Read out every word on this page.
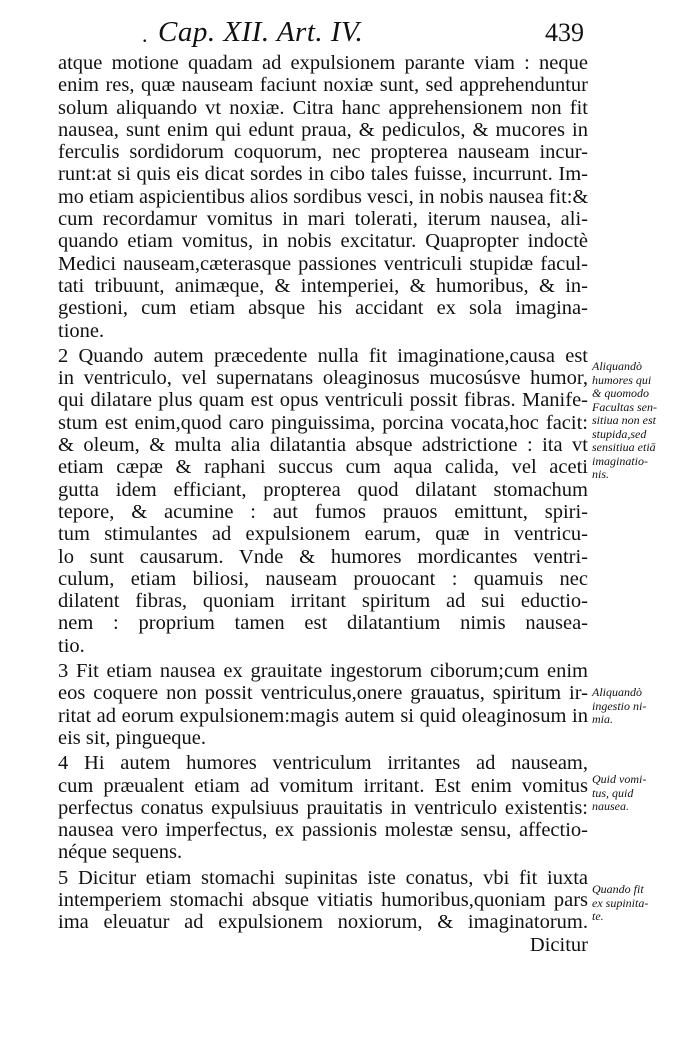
. Cap. XII. Art. IV.	439
atque motione quadam ad expulsionem parante viam : neque
enim res, quæ nauseam faciunt noxiæ sunt, sed apprehenduntur
solum aliquando vt noxiæ. Citra hanc apprehensionem non fit
nausea, sunt enim qui edunt praua, & pediculos, & mucores in
ferculis sordidorum coquorum, nec propterea nauseam incur-
runt:at si quis eis dicat sordes in cibo tales fuisse, incurrunt. Im-
mo etiam aspicientibus alios sordibus vesci, in nobis nausea fit:&
cum recordamur vomitus in mari tolerati, iterum nausea, ali-
quando etiam vomitus, in nobis excitatur. Quapropter indoctè
Medici nauseam,cæterasque passiones ventriculi stupidæ facul-
tati tribuunt, animæque, & intemperiei, & humoribus, & in-
gestioni, cum etiam absque his accidant ex sola imagina-
tione.
2 Quando autem præcedente nulla fit imaginatione,causa est
in ventriculo, vel supernatans oleaginosus mucosúsve humor,
qui dilatare plus quam est opus ventriculi possit fibras. Manife-
stum est enim,quod caro pinguissima, porcina vocata,hoc facit:
& oleum, & multa alia dilatantia absque adstrictione : ita vt
etiam cæpæ & raphani succus cum aqua calida, vel aceti
gutta idem efficiant, propterea quod dilatant stomachum
tepore, & acumine : aut fumos prauos emittunt, spiri-
tum stimulantes ad expulsionem earum, quæ in ventricu-
lo sunt causarum. Vnde & humores mordicantes ventri-
culum, etiam biliosi, nauseam prouocant : quamuis nec
dilatent fibras, quoniam irritant spiritum ad sui eductio-
nem : proprium tamen est dilatantium nimis nausea-
tio.
3 Fit etiam nausea ex grauitate ingestorum ciborum;cum enim
eos coquere non possit ventriculus,onere grauatus, spiritum ir-
ritat ad eorum expulsionem:magis autem si quid oleaginosum in
eis sit, pingueque.
4 Hi autem humores ventriculum irritantes ad nauseam,
cum præualent etiam ad vomitum irritant. Est enim vomitus
perfectus conatus expulsiuus prauitatis in ventriculo existentis:
nausea vero imperfectus, ex passionis molestæ sensu, affectio-
néque sequens.
5 Dicitur etiam stomachi supinitas iste conatus, vbi fit iuxta
intemperiem stomachi absque vitiatis humoribus,quoniam pars
ima eleuatur ad expulsionem noxiorum, & imaginatorum.
Dicitur
Aliquandò
humores qui
& quomodo
Facultas sen-
sitiua non est
stupida,sed
sensitiua etiā
imaginatio-
nis.
Aliquandò
ingestio ni-
mia.
Quid vomi-
tus, quid
nausea.
Quando fit
ex supinita-
te.
